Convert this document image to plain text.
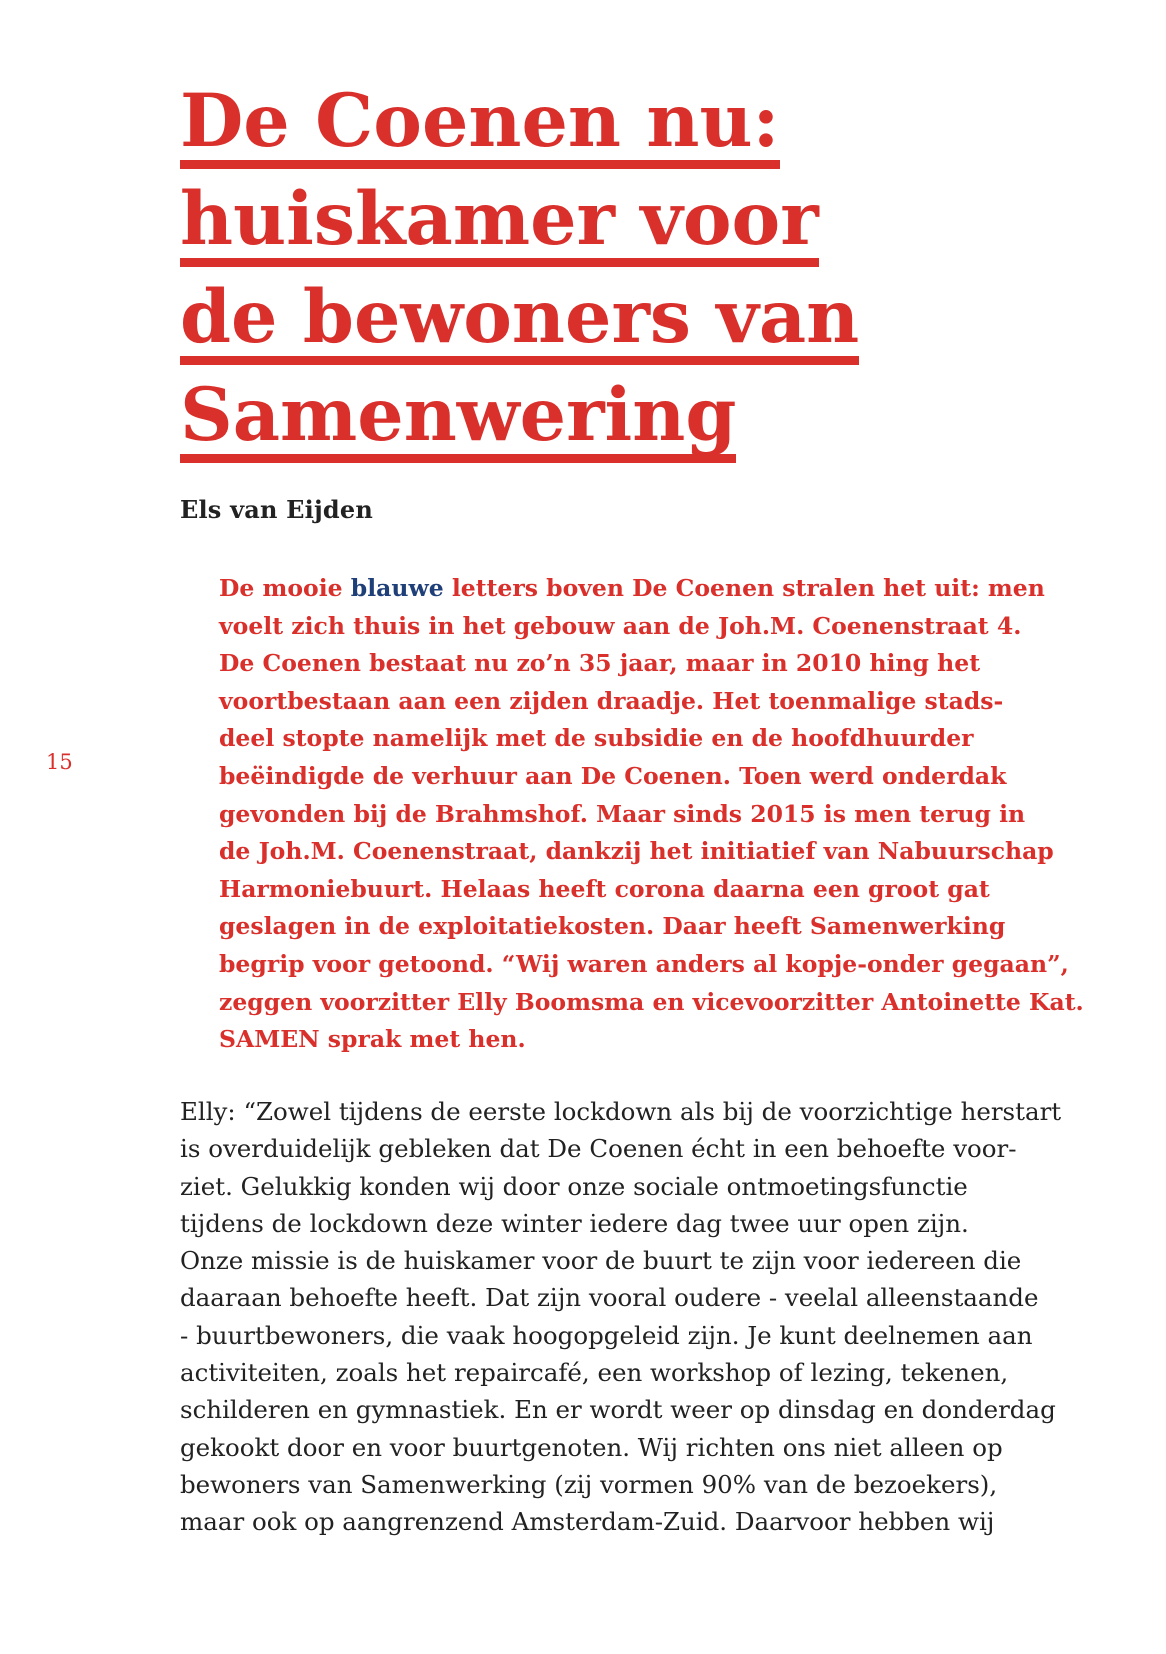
15
De Coenen nu:
huiskamer voor
de bewoners van
Samenwering
Els van Eijden

De mooie blauwe letters boven De Coenen stralen het uit: men
voelt zich thuis in het gebouw aan de Joh.M. Coenenstraat 4.
De Coenen bestaat nu zo’n 35 jaar, maar in 2010 hing het
voortbestaan aan een zijden draadje. Het toenmalige stads-
deel stopte namelijk met de subsidie en de hoofdhuurder
beëindigde de verhuur aan De Coenen. Toen werd onderdak
gevonden bij de Brahmshof. Maar sinds 2015 is men terug in
de Joh.M. Coenenstraat, dankzij het initiatief van Nabuurschap
Harmoniebuurt. Helaas heeft corona daarna een groot gat
geslagen in de exploitatiekosten. Daar heeft Samenwerking
begrip voor getoond. “Wij waren anders al kopje-onder gegaan”,
zeggen voorzitter Elly Boomsma en vicevoorzitter Antoinette Kat.
SAMEN sprak met hen.

Elly: “Zowel tijdens de eerste lockdown als bij de voorzichtige herstart
is overduidelijk gebleken dat De Coenen écht in een behoefte voor-
ziet. Gelukkig konden wij door onze sociale ontmoetingsfunctie
tijdens de lockdown deze winter iedere dag twee uur open zijn.
Onze missie is de huiskamer voor de buurt te zijn voor iedereen die
daaraan behoefte heeft. Dat zijn vooral oudere - veelal alleenstaande
- buurtbewoners, die vaak hoogopgeleid zijn. Je kunt deelnemen aan
activiteiten, zoals het repaircafé, een workshop of lezing, tekenen,
schilderen en gymnastiek. En er wordt weer op dinsdag en donderdag
gekookt door en voor buurtgenoten. Wij richten ons niet alleen op
bewoners van Samenwerking (zij vormen 90% van de bezoekers),
maar ook op aangrenzend Amsterdam-Zuid. Daarvoor hebben wij
